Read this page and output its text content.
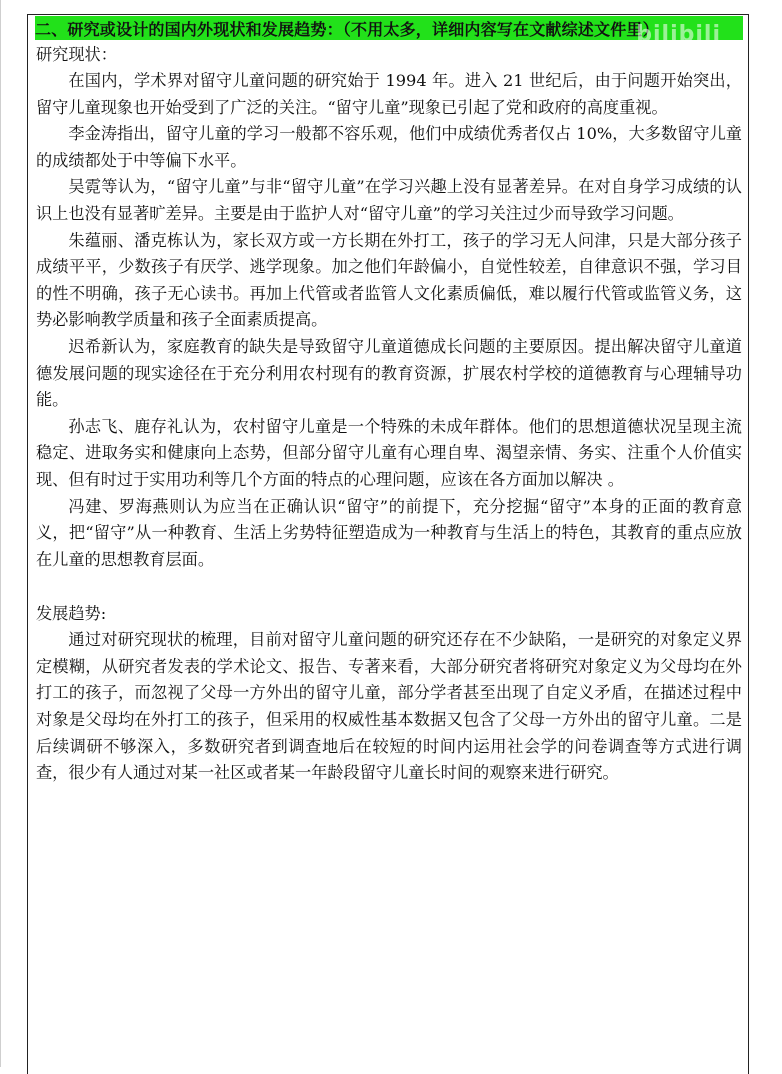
二、研究或设计的国内外现状和发展趋势：（不用太多，详细内容写在文献综述文件里）
bilibili
研究现状：

在国内，学术界对留守儿童问题的研究始于 1994 年。进入 21 世纪后，由于问题开始突出，留守儿童现象也开始受到了广泛的关注。“留守儿童”现象已引起了党和政府的高度重视。

李金涛指出，留守儿童的学习一般都不容乐观，他们中成绩优秀者仅占 10%，大多数留守儿童的成绩都处于中等偏下水平。

吴霓等认为，“留守儿童”与非“留守儿童”在学习兴趣上没有显著差异。在对自身学习成绩的认识上也没有显著旷差异。主要是由于监护人对“留守儿童”的学习关注过少而导致学习问题。

朱蕴丽、潘克栋认为，家长双方或一方长期在外打工，孩子的学习无人问津，只是大部分孩子成绩平平，少数孩子有厌学、逃学现象。加之他们年龄偏小，自觉性较差，自律意识不强，学习目的性不明确，孩子无心读书。再加上代管或者监管人文化素质偏低，难以履行代管或监管义务，这势必影响教学质量和孩子全面素质提高。

迟希新认为，家庭教育的缺失是导致留守儿童道德成长问题的主要原因。提出解决留守儿童道德发展问题的现实途径在于充分利用农村现有的教育资源，扩展农村学校的道德教育与心理辅导功能。

孙志飞、鹿存礼认为，农村留守儿童是一个特殊的未成年群体。他们的思想道德状况呈现主流稳定、进取务实和健康向上态势，但部分留守儿童有心理自卑、渴望亲情、务实、注重个人价值实现、但有时过于实用功利等几个方面的特点的心理问题，应该在各方面加以解决 。

冯建、罗海燕则认为应当在正确认识“留守”的前提下，充分挖掘“留守”本身的正面的教育意义，把“留守”从一种教育、生活上劣势特征塑造成为一种教育与生活上的特色，其教育的重点应放在儿童的思想教育层面。

发展趋势:

通过对研究现状的梳理，目前对留守儿童问题的研究还存在不少缺陷，一是研究的对象定义界定模糊，从研究者发表的学术论文、报告、专著来看，大部分研究者将研究对象定义为父母均在外打工的孩子，而忽视了父母一方外出的留守儿童，部分学者甚至出现了自定义矛盾，在描述过程中对象是父母均在外打工的孩子，但采用的权威性基本数据又包含了父母一方外出的留守儿童。二是后续调研不够深入，多数研究者到调查地后在较短的时间内运用社会学的问卷调查等方式进行调查，很少有人通过对某一社区或者某一年龄段留守儿童长时间的观察来进行研究。
